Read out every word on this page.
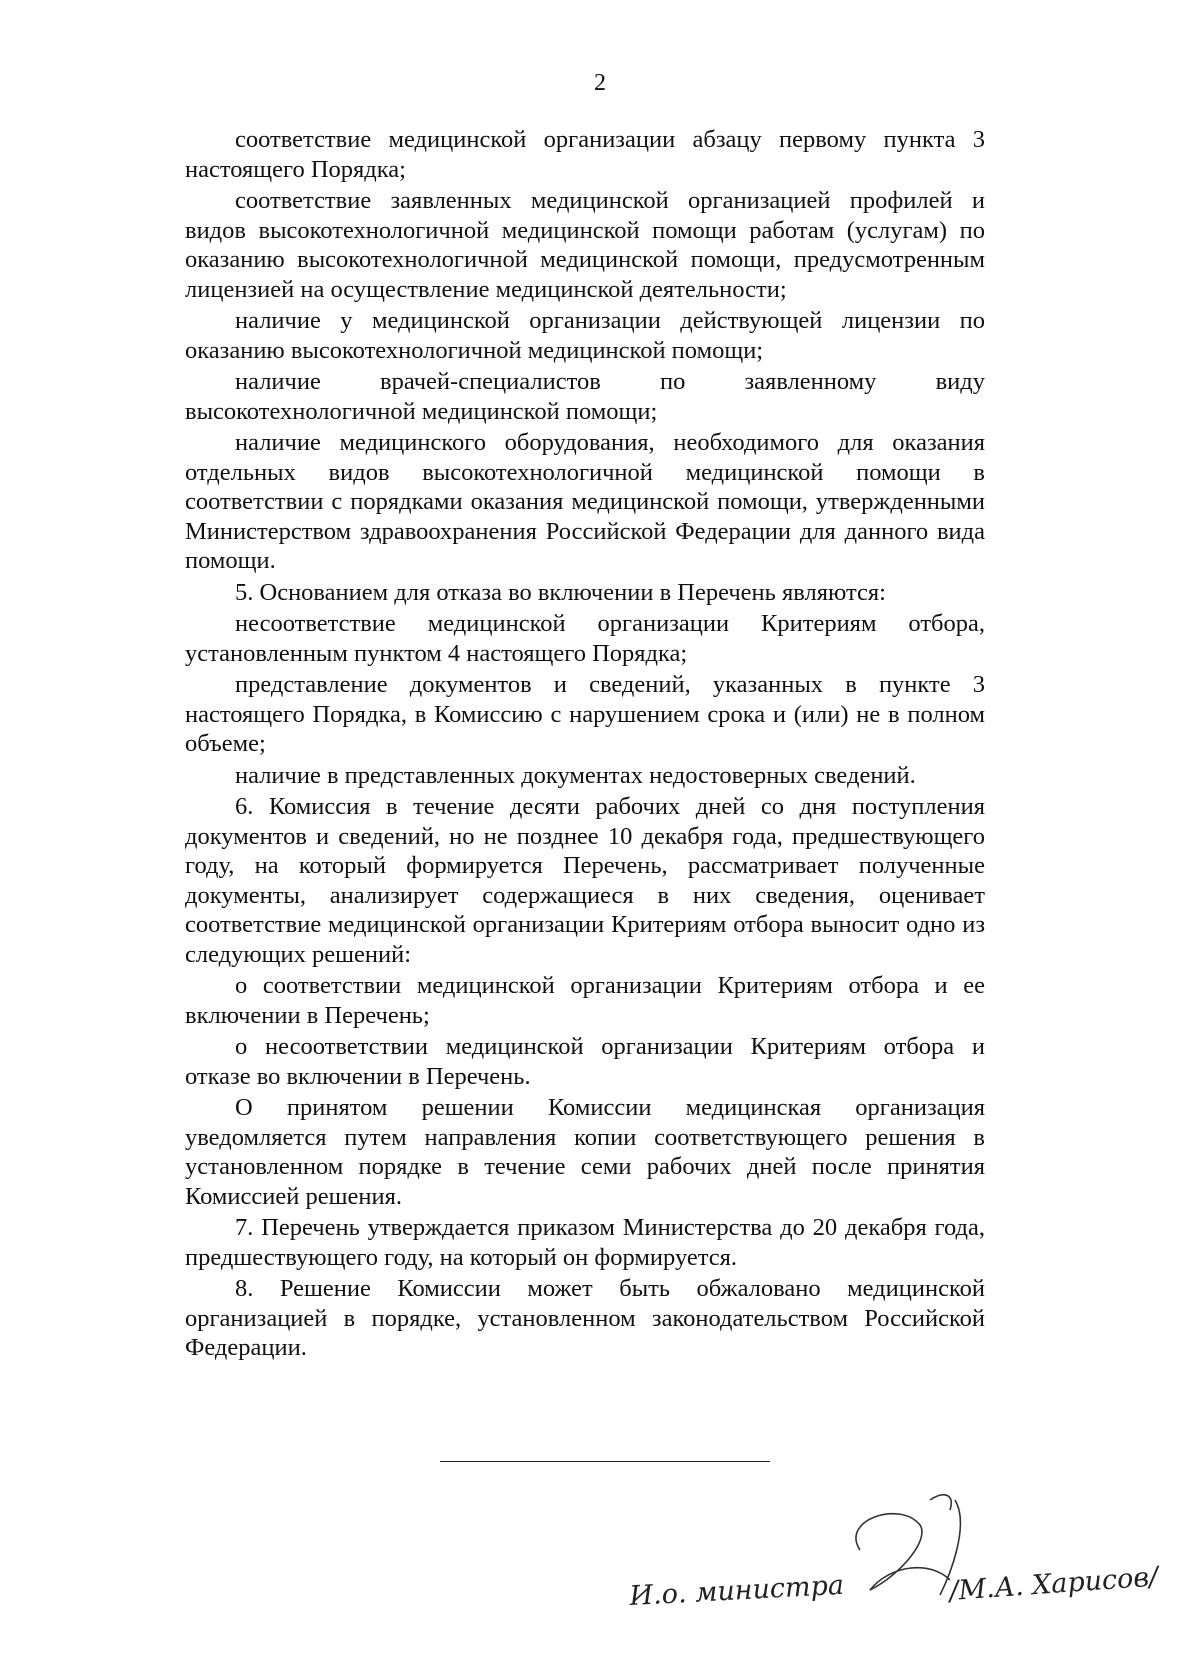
2

соответствие медицинской организации абзацу первому пункта 3 настоящего Порядка;

соответствие заявленных медицинской организацией профилей и видов высокотехнологичной медицинской помощи работам (услугам) по оказанию высокотехнологичной медицинской помощи, предусмотренным лицензией на осуществление медицинской деятельности;

наличие у медицинской организации действующей лицензии по оказанию высокотехнологичной медицинской помощи;

наличие врачей-специалистов по заявленному виду высокотехнологичной медицинской помощи;

наличие медицинского оборудования, необходимого для оказания отдельных видов высокотехнологичной медицинской помощи в соответствии с порядками оказания медицинской помощи, утвержденными Министерством здравоохранения Российской Федерации для данного вида помощи.

5. Основанием для отказа во включении в Перечень являются:

несоответствие медицинской организации Критериям отбора, установленным пунктом 4 настоящего Порядка;

представление документов и сведений, указанных в пункте 3 настоящего Порядка, в Комиссию с нарушением срока и (или) не в полном объеме;

наличие в представленных документах недостоверных сведений.

6. Комиссия в течение десяти рабочих дней со дня поступления документов и сведений, но не позднее 10 декабря года, предшествующего году, на который формируется Перечень, рассматривает полученные документы, анализирует содержащиеся в них сведения, оценивает соответствие медицинской организации Критериям отбора выносит одно из следующих решений:

о соответствии медицинской организации Критериям отбора и ее включении в Перечень;

о несоответствии медицинской организации Критериям отбора и отказе во включении в Перечень.

О принятом решении Комиссии медицинская организация уведомляется путем направления копии соответствующего решения в установленном порядке в течение семи рабочих дней после принятия Комиссией решения.

7. Перечень утверждается приказом Министерства до 20 декабря года, предшествующего году, на который он формируется.

8. Решение Комиссии может быть обжаловано медицинской организацией в порядке, установленном законодательством Российской Федерации.

И.о. министра	/М.А. Харисов/
